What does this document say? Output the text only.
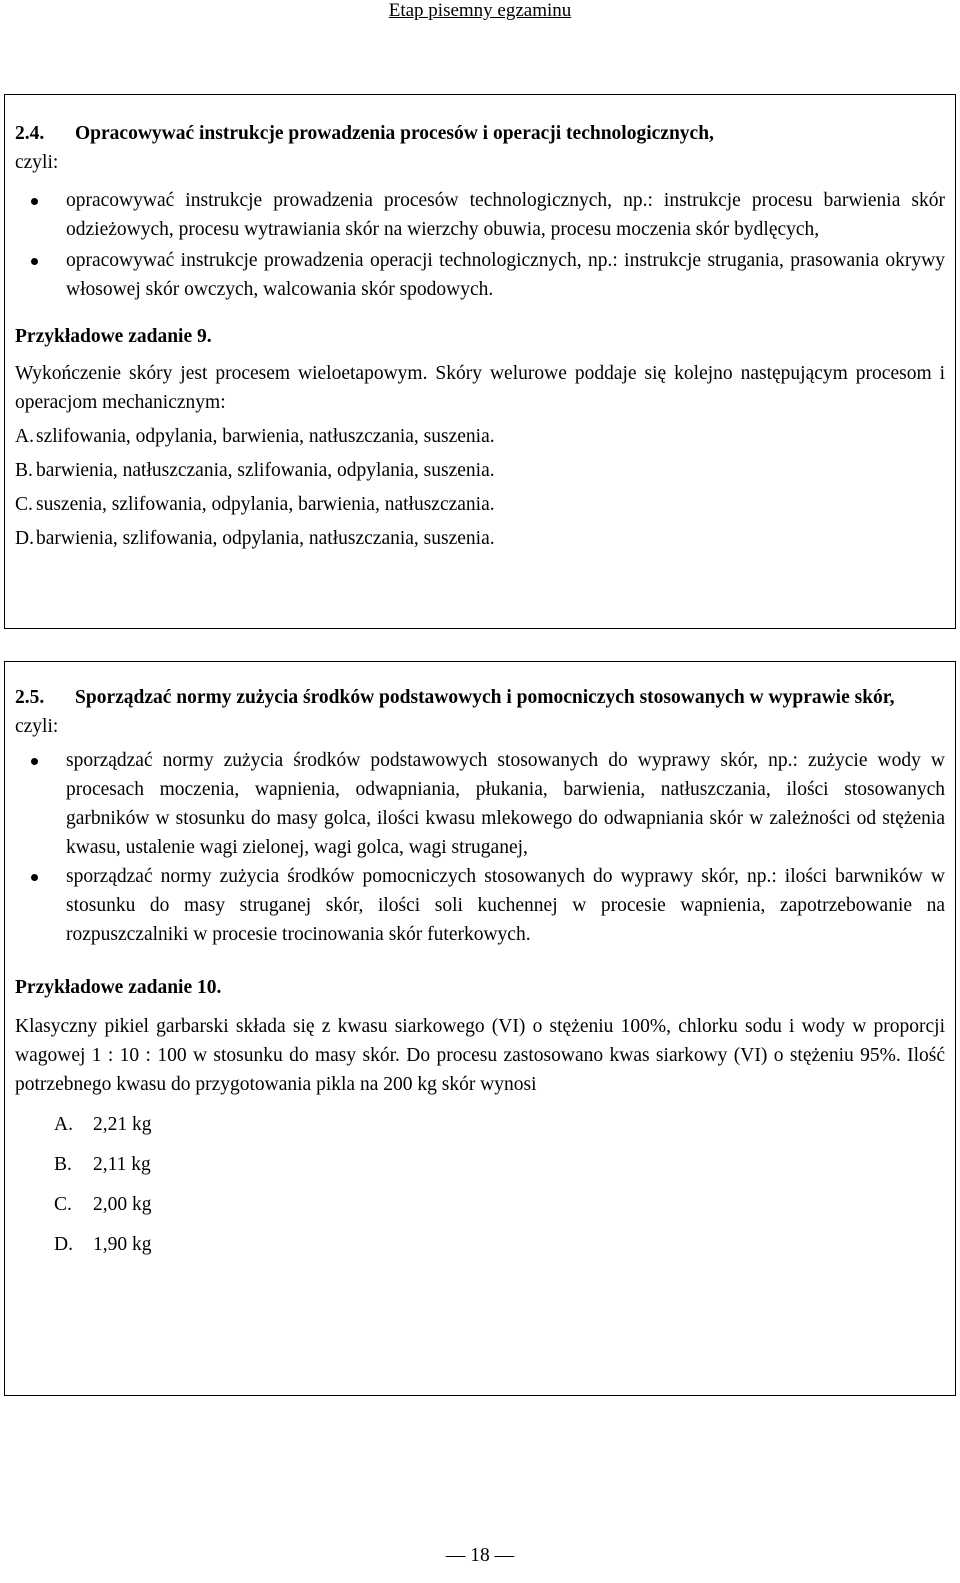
Etap pisemny egzaminu
2.4.	Opracowywać instrukcje prowadzenia procesów i operacji technologicznych,

czyli:

opracowywać instrukcje prowadzenia procesów technologicznych, np.: instrukcje procesu barwienia skór odzieżowych, procesu wytrawiania skór na wierzchy obuwia, procesu moczenia skór bydlęcych,
opracowywać instrukcje prowadzenia operacji technologicznych, np.: instrukcje strugania, prasowania okrywy włosowej skór owczych, walcowania skór spodowych.
Przykładowe zadanie 9.

Wykończenie skóry jest procesem wieloetapowym. Skóry welurowe poddaje się kolejno następującym procesom i operacjom mechanicznym:

A. szlifowania, odpylania, barwienia, natłuszczania, suszenia.
B. barwienia, natłuszczania, szlifowania, odpylania, suszenia.
C. suszenia, szlifowania, odpylania, barwienia, natłuszczania.
D. barwienia, szlifowania, odpylania, natłuszczania, suszenia.
2.5.	Sporządzać normy zużycia środków podstawowych i pomocniczych stosowanych w wyprawie skór,

czyli:

sporządzać normy zużycia środków podstawowych stosowanych do wyprawy skór, np.: zużycie wody w procesach moczenia, wapnienia, odwapniania, płukania, barwienia, natłuszczania, ilości stosowanych garbników w stosunku do masy golca, ilości kwasu mlekowego do odwapniania skór w zależności od stężenia kwasu, ustalenie wagi zielonej, wagi golca, wagi struganej,
sporządzać normy zużycia środków pomocniczych stosowanych do wyprawy skór, np.: ilości barwników w stosunku do masy struganej skór, ilości soli kuchennej w procesie wapnienia, zapotrzebowanie na rozpuszczalniki w procesie trocinowania skór futerkowych.
Przykładowe zadanie 10.

Klasyczny pikiel garbarski składa się z kwasu siarkowego (VI) o stężeniu 100%, chlorku sodu i wody w proporcji wagowej 1 : 10 : 100 w stosunku do masy skór. Do procesu zastosowano kwas siarkowy (VI) o stężeniu 95%. Ilość potrzebnego kwasu do przygotowania pikla na 200 kg skór wynosi

A.	2,21 kg
B.	2,11 kg
C.	2,00 kg
D.	1,90 kg
— 18 —
